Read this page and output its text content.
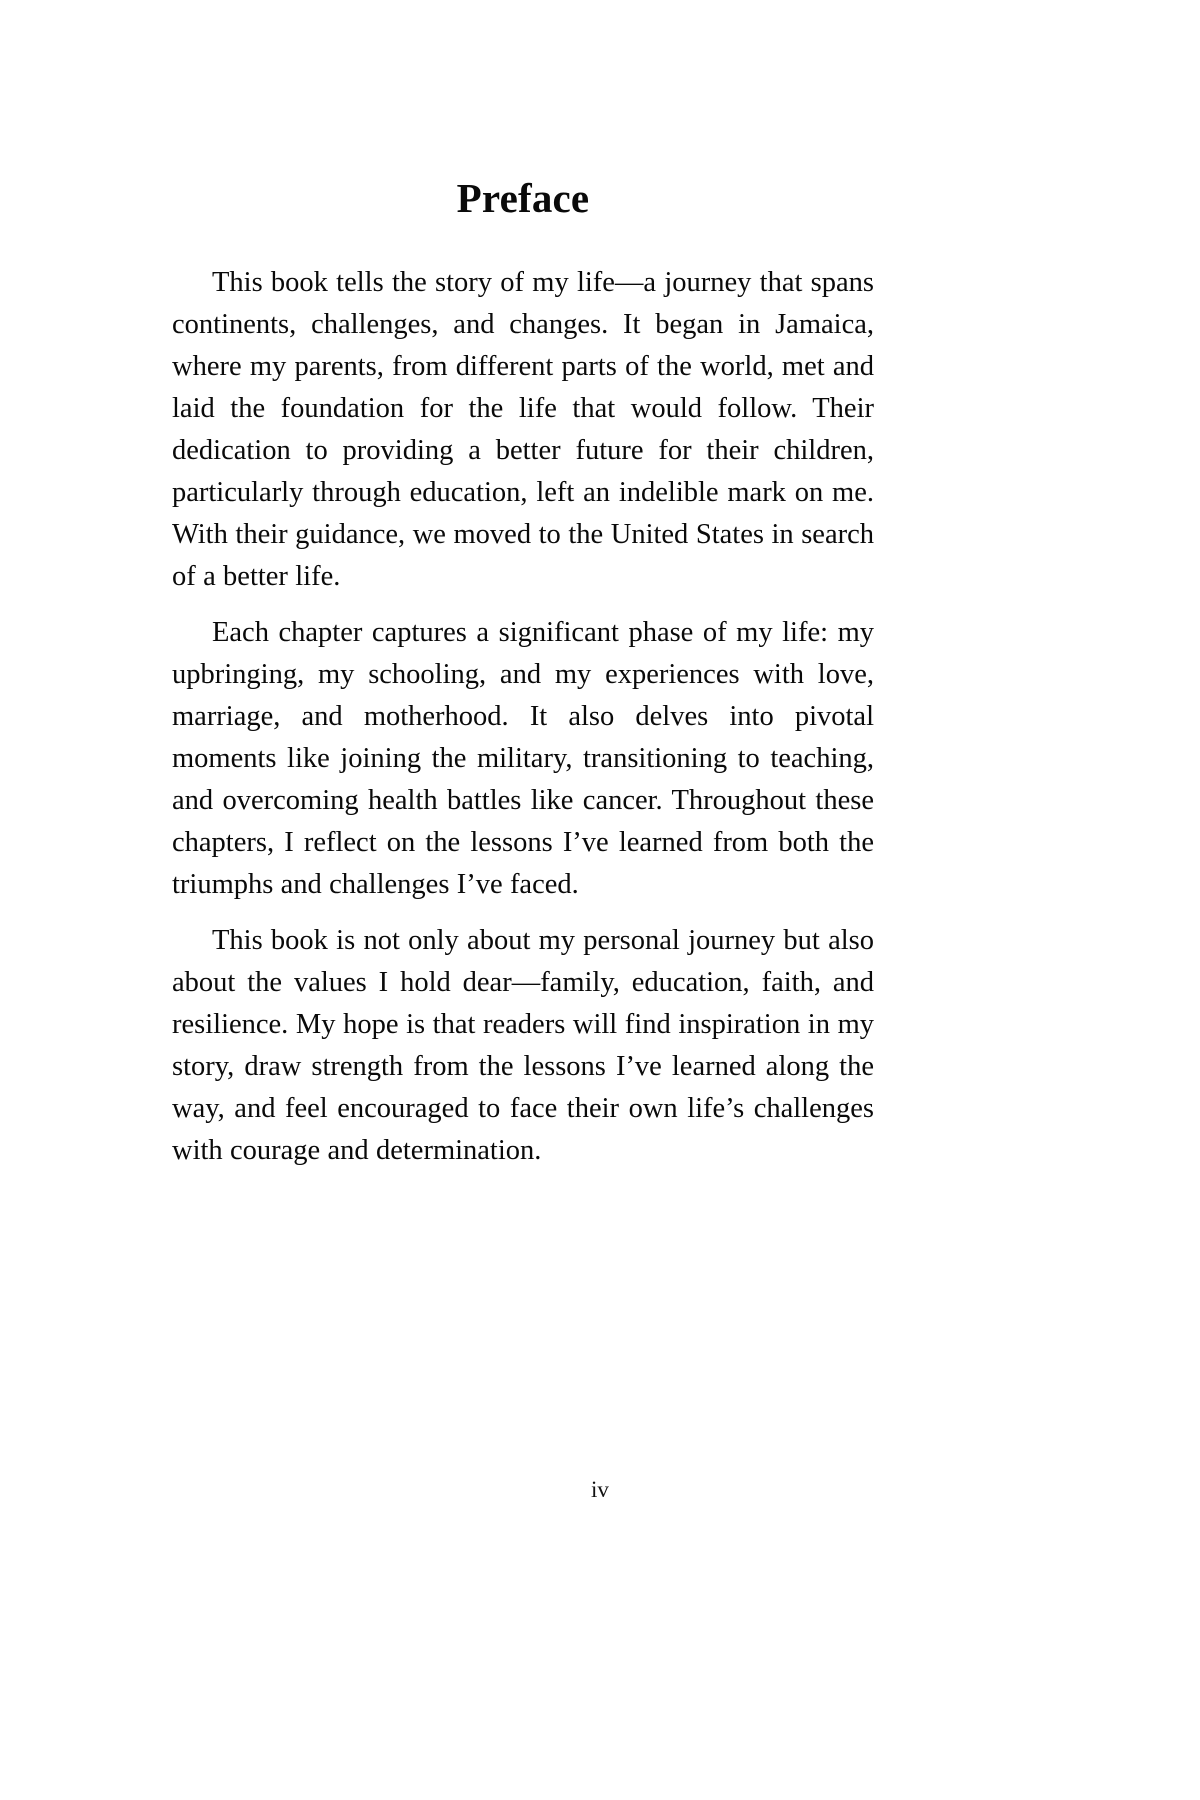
Preface

This book tells the story of my life—a journey that spans continents, challenges, and changes. It began in Jamaica, where my parents, from different parts of the world, met and laid the foundation for the life that would follow. Their dedication to providing a better future for their children, particularly through education, left an indelible mark on me. With their guidance, we moved to the United States in search of a better life.

Each chapter captures a significant phase of my life: my upbringing, my schooling, and my experiences with love, marriage, and motherhood. It also delves into pivotal moments like joining the military, transitioning to teaching, and overcoming health battles like cancer. Throughout these chapters, I reflect on the lessons I’ve learned from both the triumphs and challenges I’ve faced.

This book is not only about my personal journey but also about the values I hold dear—family, education, faith, and resilience. My hope is that readers will find inspiration in my story, draw strength from the lessons I’ve learned along the way, and feel encouraged to face their own life’s challenges with courage and determination.

iv
